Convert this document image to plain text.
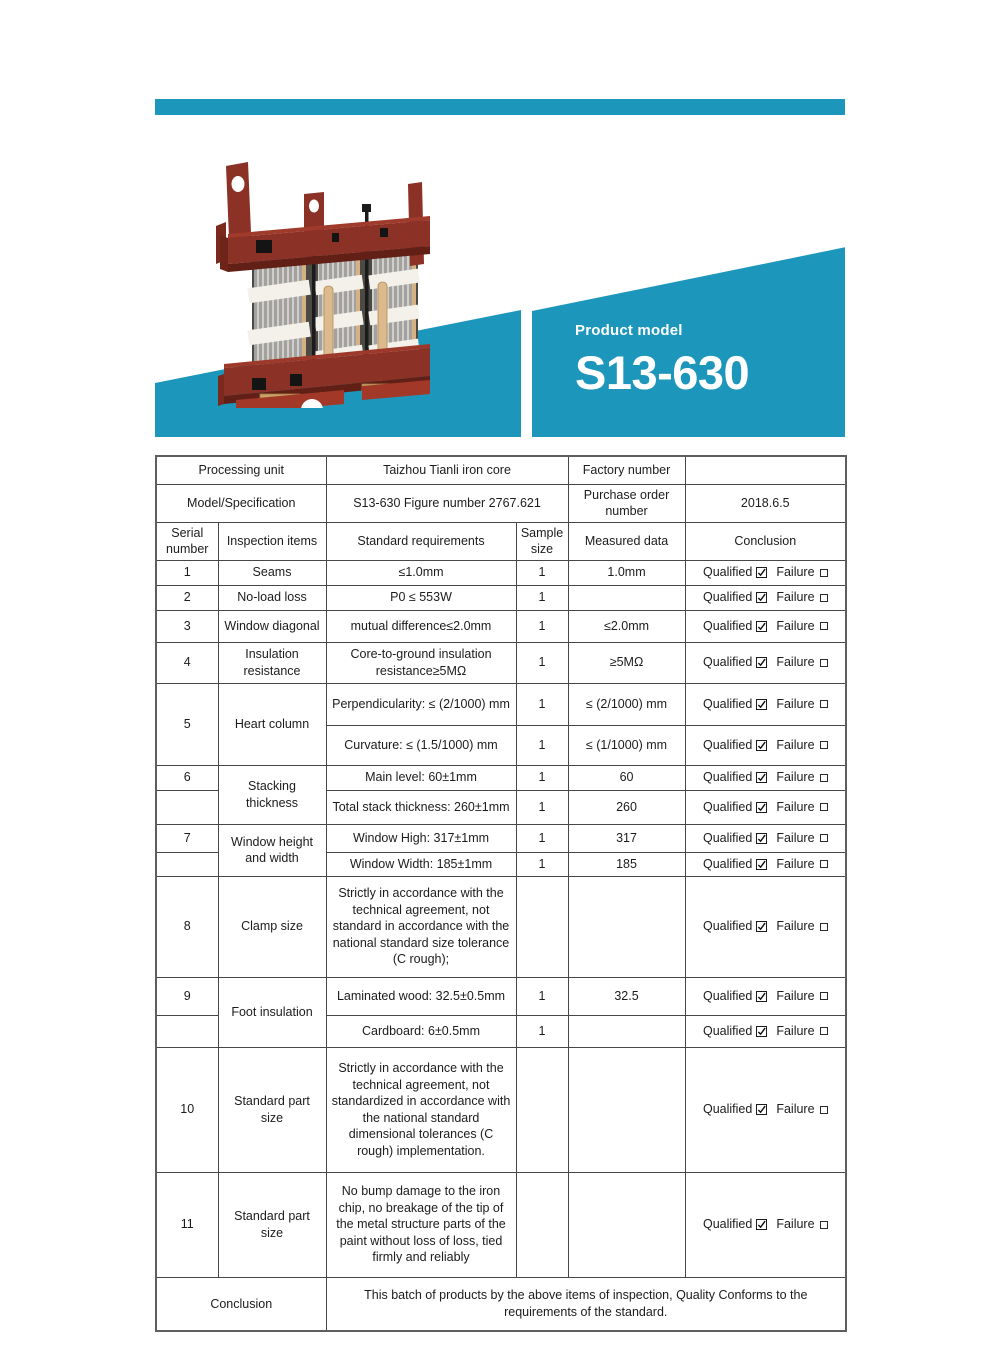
Product model
S13-630
Processing unit		Taizhou Tianli iron core		Factory number	
Model/Specification		S13-630 Figure number 2767.621		Purchase order number	2018.6.5
Serial number	Inspection items	Standard requirements	Sample size	Measured data	Conclusion
1	Seams	≤1.0mm	1	1.0mm	Qualified Failure
2	No-load loss	P0 ≤ 553W	1		Qualified Failure
3	Window diagonal	mutual difference≤2.0mm	1	≤2.0mm	Qualified Failure
4	Insulation resistance	Core-to-ground insulation resistance≥5MΩ	1	≥5MΩ	Qualified Failure
5	Heart column	Perpendicularity: ≤ (2/1000) mm	1	≤ (2/1000) mm	Qualified Failure
		Curvature: ≤ (1.5/1000) mm	1	≤ (1/1000) mm	Qualified Failure
6	Stacking thickness	Main level: 60±1mm	1	60	Qualified Failure
		Total stack thickness: 260±1mm	1	260	Qualified Failure
7	Window height and width	Window High: 317±1mm	1	317	Qualified Failure
		Window Width: 185±1mm	1	185	Qualified Failure
8	Clamp size	Strictly in accordance with the technical agreement, not standard in accordance with the national standard size tolerance (C rough);			Qualified Failure
9	Foot insulation	Laminated wood: 32.5±0.5mm	1	32.5	Qualified Failure
		Cardboard: 6±0.5mm	1		Qualified Failure
10	Standard part size	Strictly in accordance with the technical agreement, not standardized in accordance with the national standard dimensional tolerances (C rough) implementation.			Qualified Failure
11	Standard part size	No bump damage to the iron chip, no breakage of the tip of the metal structure parts of the paint without loss of loss, tied firmly and reliably			Qualified Failure
Conclusion		This batch of products by the above items of inspection, Quality Conforms to the requirements of the standard.			
